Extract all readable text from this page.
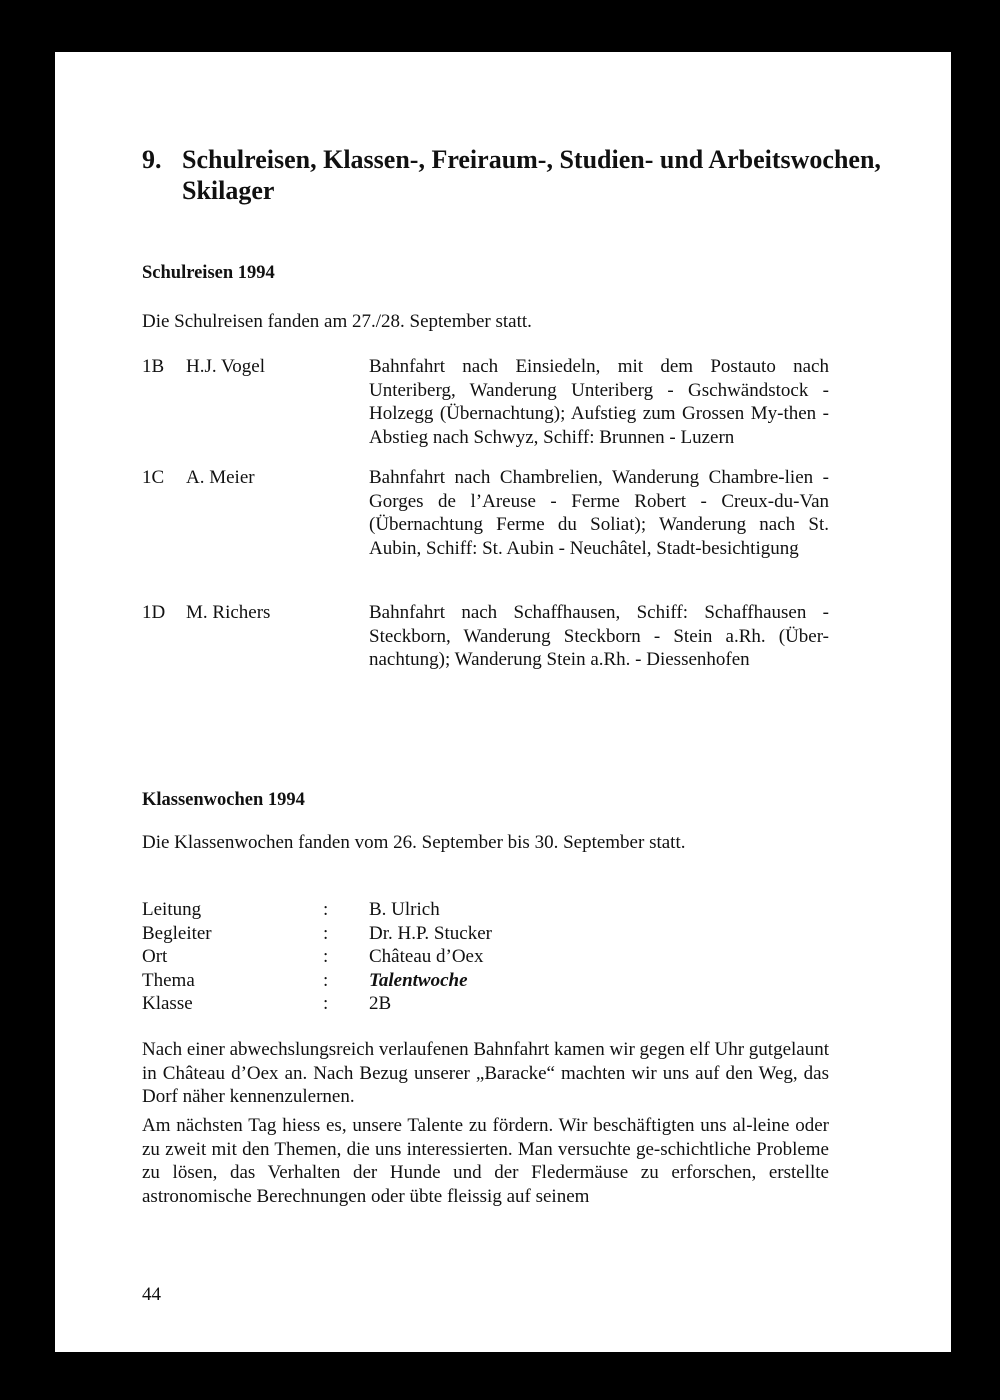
9. Schulreisen, Klassen-, Freiraum-, Studien- und Arbeitswochen, Skilager
Schulreisen 1994
Die Schulreisen fanden am 27./28. September statt.
1B H.J. Vogel	Bahnfahrt nach Einsiedeln, mit dem Postauto nach Unteriberg, Wanderung Unteriberg - Gschwändstock - Holzegg (Übernachtung); Aufstieg zum Grossen My-then - Abstieg nach Schwyz, Schiff: Brunnen - Luzern
1C A. Meier	Bahnfahrt nach Chambrelien, Wanderung Chambre-lien - Gorges de l’Areuse - Ferme Robert - Creux-du-Van (Übernachtung Ferme du Soliat); Wanderung nach St. Aubin, Schiff: St. Aubin - Neuchâtel, Stadt-besichtigung
1D M. Richers	Bahnfahrt nach Schaffhausen, Schiff: Schaffhausen - Steckborn, Wanderung Steckborn - Stein a.Rh. (Über-nachtung); Wanderung Stein a.Rh. - Diessenhofen
Klassenwochen 1994
Die Klassenwochen fanden vom 26. September bis 30. September statt.
Leitung	: B. Ulrich
Begleiter	: Dr. H.P. Stucker
Ort	: Château d’Oex
Thema	: Talentwoche
Klasse	: 2B
Nach einer abwechslungsreich verlaufenen Bahnfahrt kamen wir gegen elf Uhr gutgelaunt in Château d’Oex an. Nach Bezug unserer „Baracke“ machten wir uns auf den Weg, das Dorf näher kennenzulernen.
Am nächsten Tag hiess es, unsere Talente zu fördern. Wir beschäftigten uns al-leine oder zu zweit mit den Themen, die uns interessierten. Man versuchte ge-schichtliche Probleme zu lösen, das Verhalten der Hunde und der Fledermäuse zu erforschen, erstellte astronomische Berechnungen oder übte fleissig auf seinem
44
